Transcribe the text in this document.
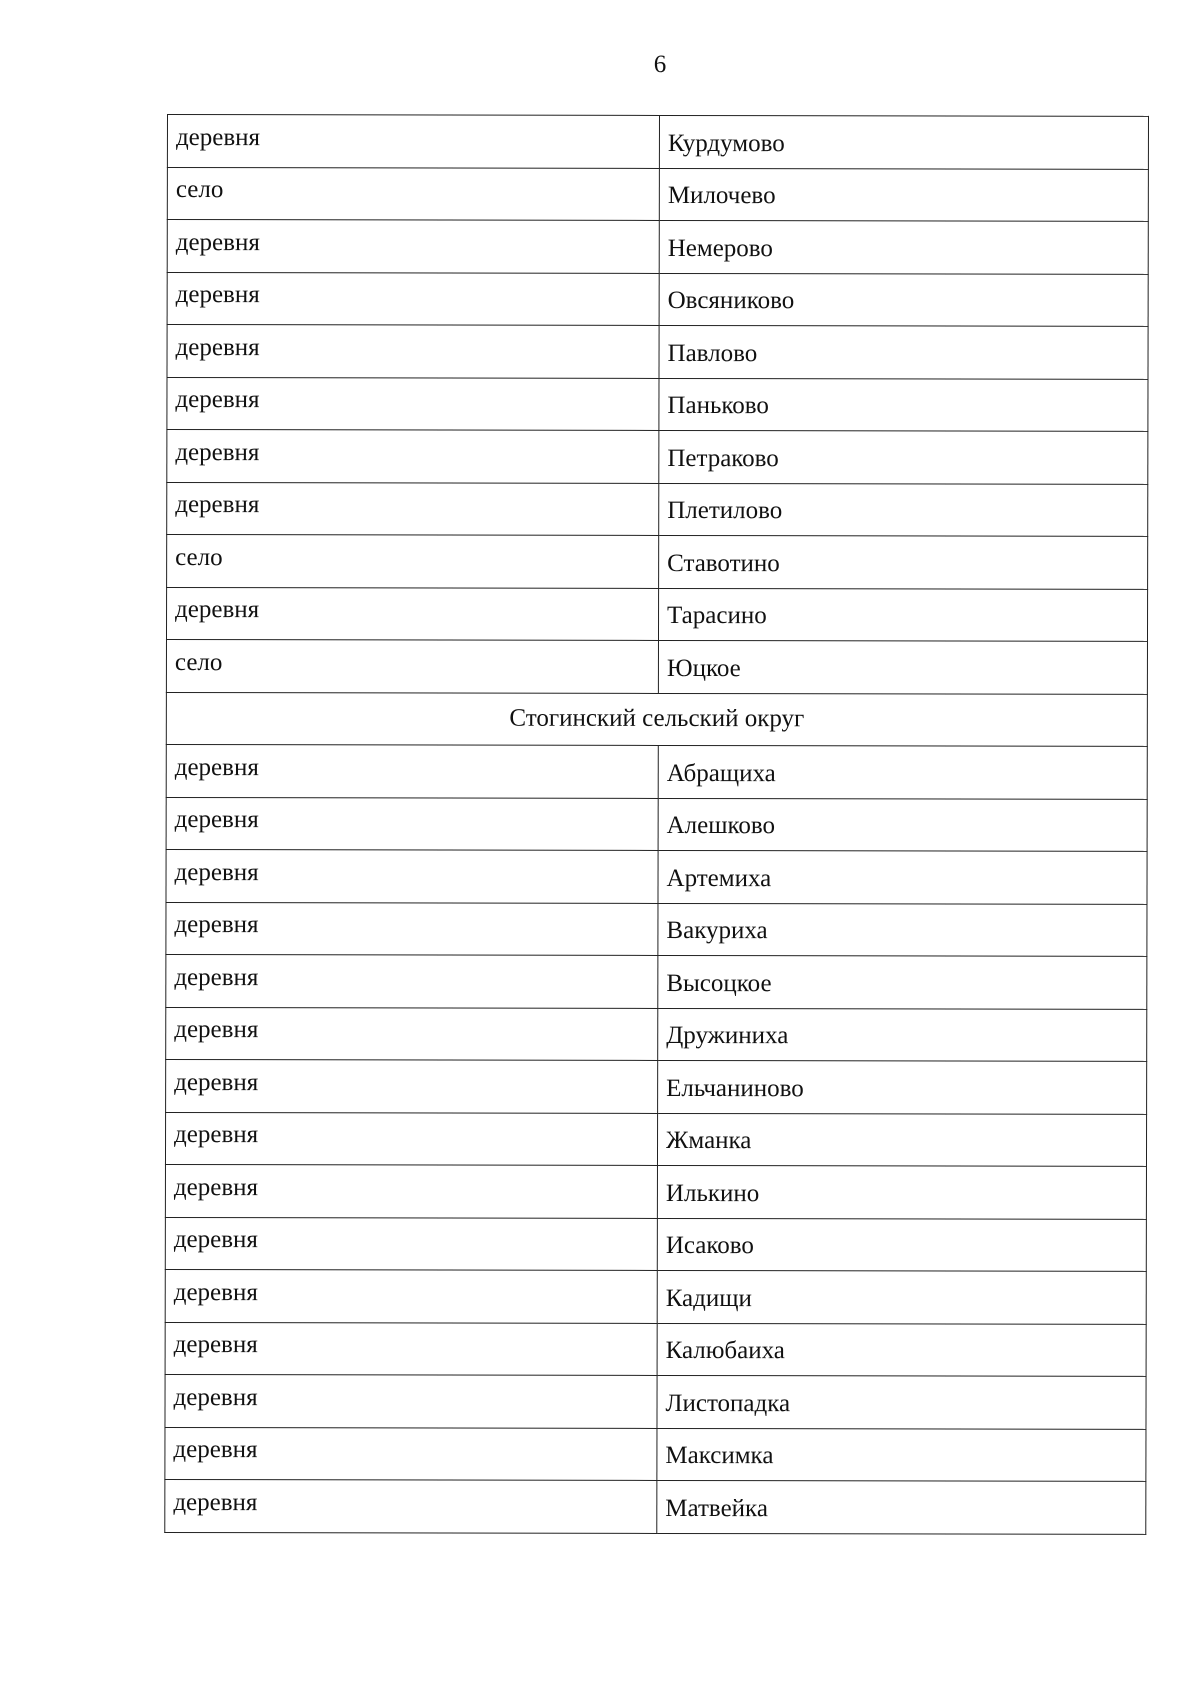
6
деревня	Курдумово
село	Милочево
деревня	Немерово
деревня	Овсяниково
деревня	Павлово
деревня	Паньково
деревня	Петраково
деревня	Плетилово
село	Ставотино
деревня	Тарасино
село	Юцкое
Стогинский сельский округ	
деревня	Абращиха
деревня	Алешково
деревня	Артемиха
деревня	Вакуриха
деревня	Высоцкое
деревня	Дружиниха
деревня	Ельчаниново
деревня	Жманка
деревня	Илькино
деревня	Исаково
деревня	Кадищи
деревня	Калюбаиха
деревня	Листопадка
деревня	Максимка
деревня	Матвейка
